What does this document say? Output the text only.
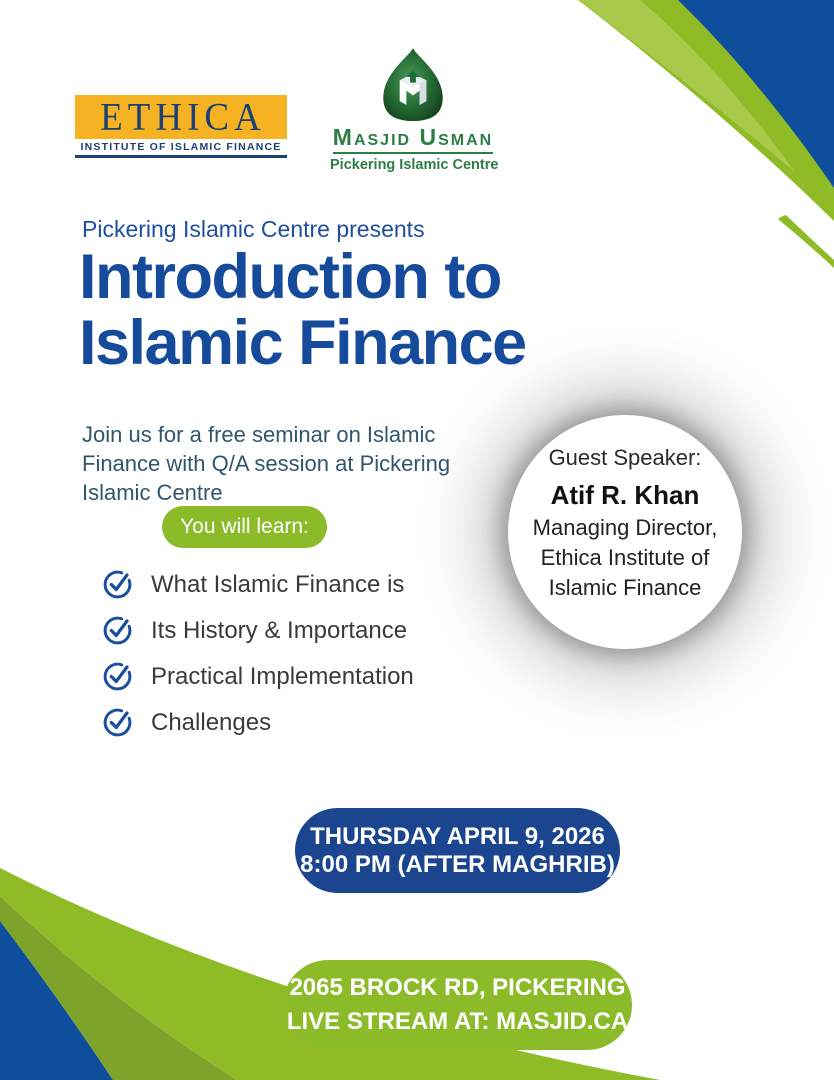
ETHICA
INSTITUTE OF ISLAMIC FINANCE Masjid Usman
Pickering Islamic Centre
Pickering Islamic Centre presents
Introduction to
Islamic Finance

Join us for a free seminar on Islamic Finance with Q/A session at Pickering Islamic Centre

You will learn:
What Islamic Finance is
Its History & Importance
Practical Implementation
Challenges
Guest Speaker:
Atif R. Khan
Managing Director,
Ethica Institute of
Islamic Finance
THURSDAY APRIL 9, 2026
8:00 PM (AFTER MAGHRIB)
2065 BROCK RD, PICKERING
LIVE STREAM AT: MASJID.CA
